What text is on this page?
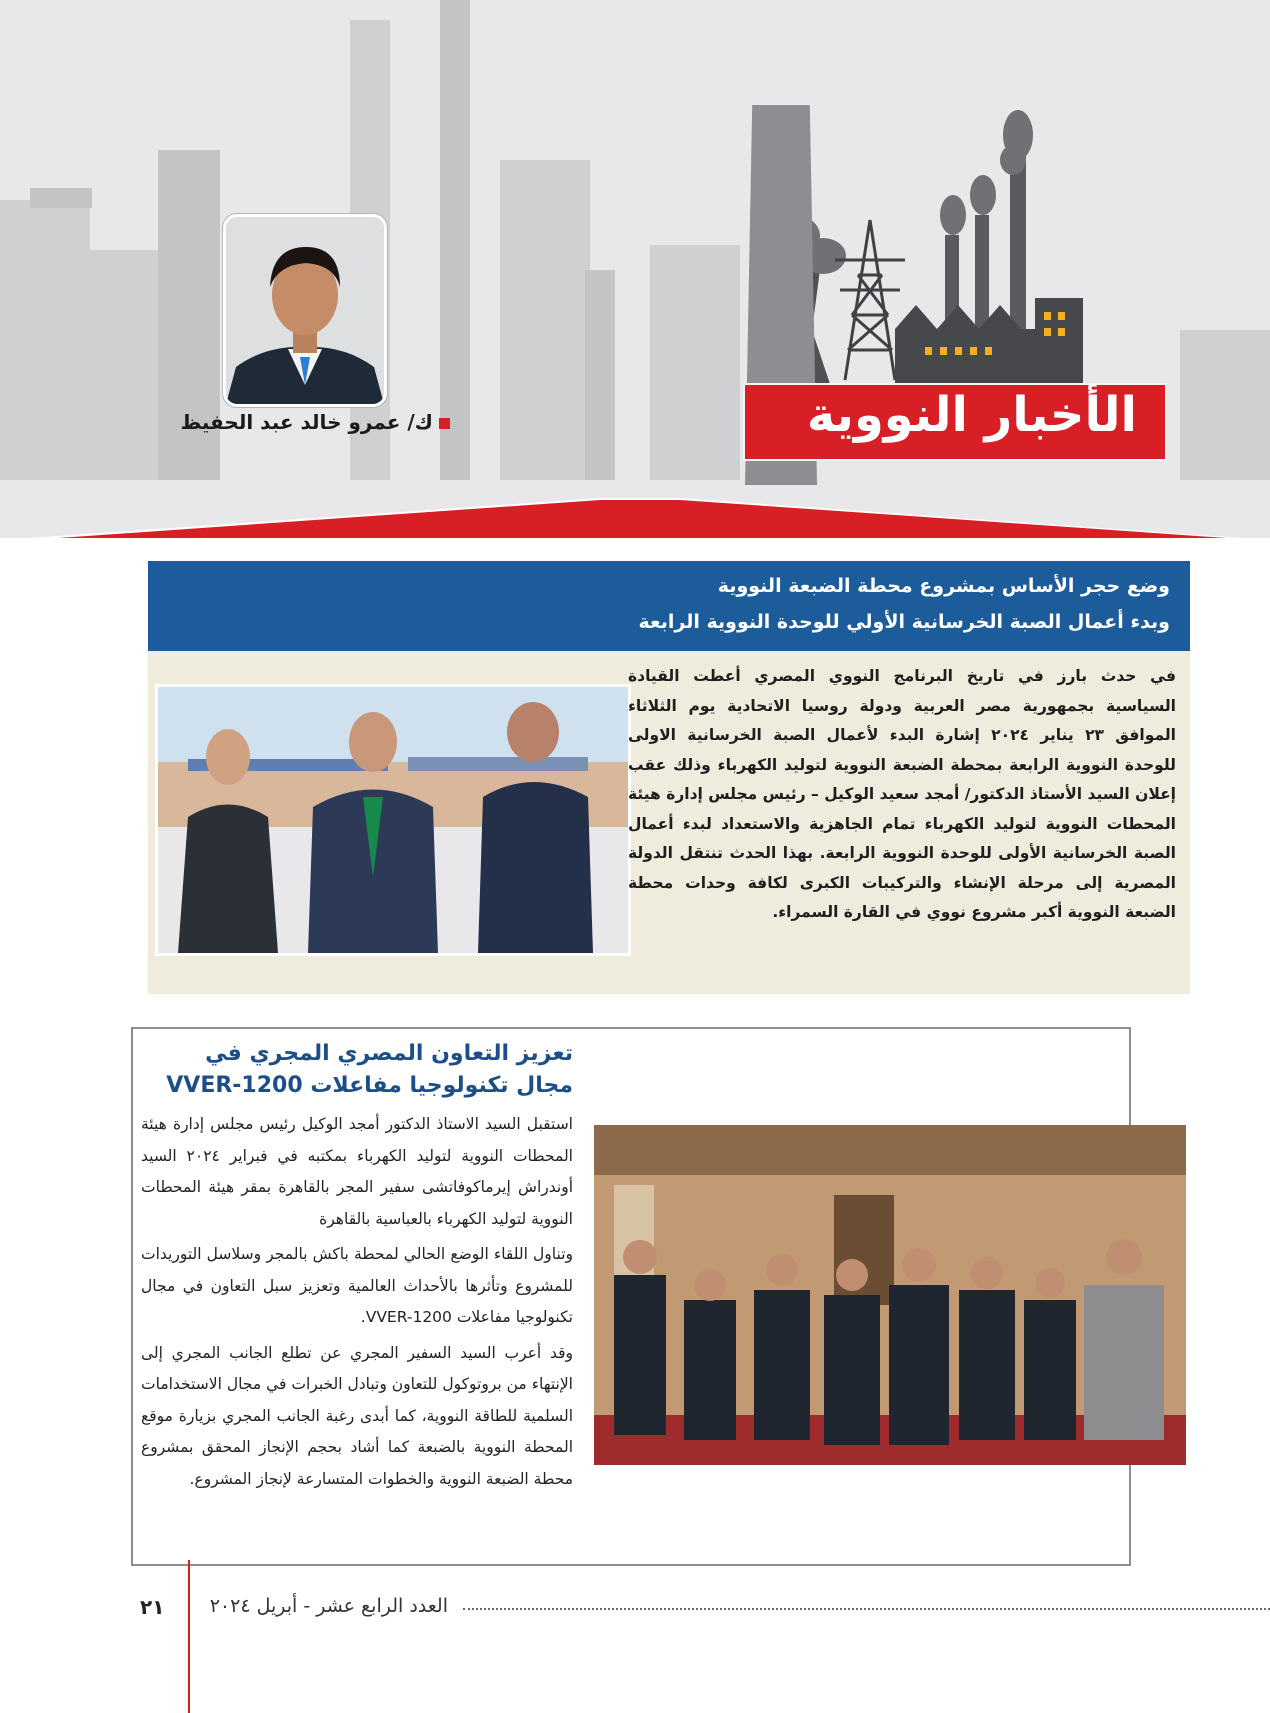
الأخبار النووية
ك/ عمرو خالد عبد الحفيظ
وضع حجر الأساس بمشروع محطة الضبعة النووية
وبدء أعمال الصبة الخرسانية الأولي للوحدة النووية الرابعة

في حدث بارز في تاريخ البرنامج النووي المصري أعطت القيادة السياسية بجمهورية مصر العربية ودولة روسيا الاتحادية يوم الثلاثاء الموافق ٢٣ يناير ٢٠٢٤ إشارة البدء لأعمال الصبة الخرسانية الاولى للوحدة النووية الرابعة بمحطة الضبعة النووية لتوليد الكهرباء وذلك عقب إعلان السيد الأستاذ الدكتور/ أمجد سعيد الوكيل – رئيس مجلس إدارة هيئة المحطات النووية لتوليد الكهرباء تمام الجاهزية والاستعداد لبدء أعمال الصبة الخرسانية الأولى للوحدة النووية الرابعة. بهذا الحدث تنتقل الدولة المصرية إلى مرحلة الإنشاء والتركيبات الكبرى لكافة وحدات محطة الضبعة النووية أكبر مشروع نووي في القارة السمراء.

تعزيز التعاون المصري المجري في مجال تكنولوجيا مفاعلات VVER-1200

استقبل السيد الاستاذ الدكتور أمجد الوكيل رئيس مجلس إدارة هيئة المحطات النووية لتوليد الكهرباء بمكتبه في فبراير ٢٠٢٤ السيد أوندراش إيرماكوفاتشى سفير المجر بالقاهرة بمقر هيئة المحطات النووية لتوليد الكهرباء بالعباسية بالقاهرة

وتناول اللقاء الوضع الحالي لمحطة باكش بالمجر وسلاسل التوريدات للمشروع وتأثرها بالأحداث العالمية وتعزيز سبل التعاون في مجال تكنولوجيا مفاعلات VVER-1200.

وقد أعرب السيد السفير المجري عن تطلع الجانب المجري إلى الإنتهاء من بروتوكول للتعاون وتبادل الخبرات في مجال الاستخدامات السلمية للطاقة النووية، كما أبدى رغبة الجانب المجري بزيارة موقع المحطة النووية بالضبعة كما أشاد بحجم الإنجاز المحقق بمشروع محطة الضبعة النووية والخطوات المتسارعة لإنجاز المشروع.

٢١	العدد الرابع عشر - أبريل ٢٠٢٤
